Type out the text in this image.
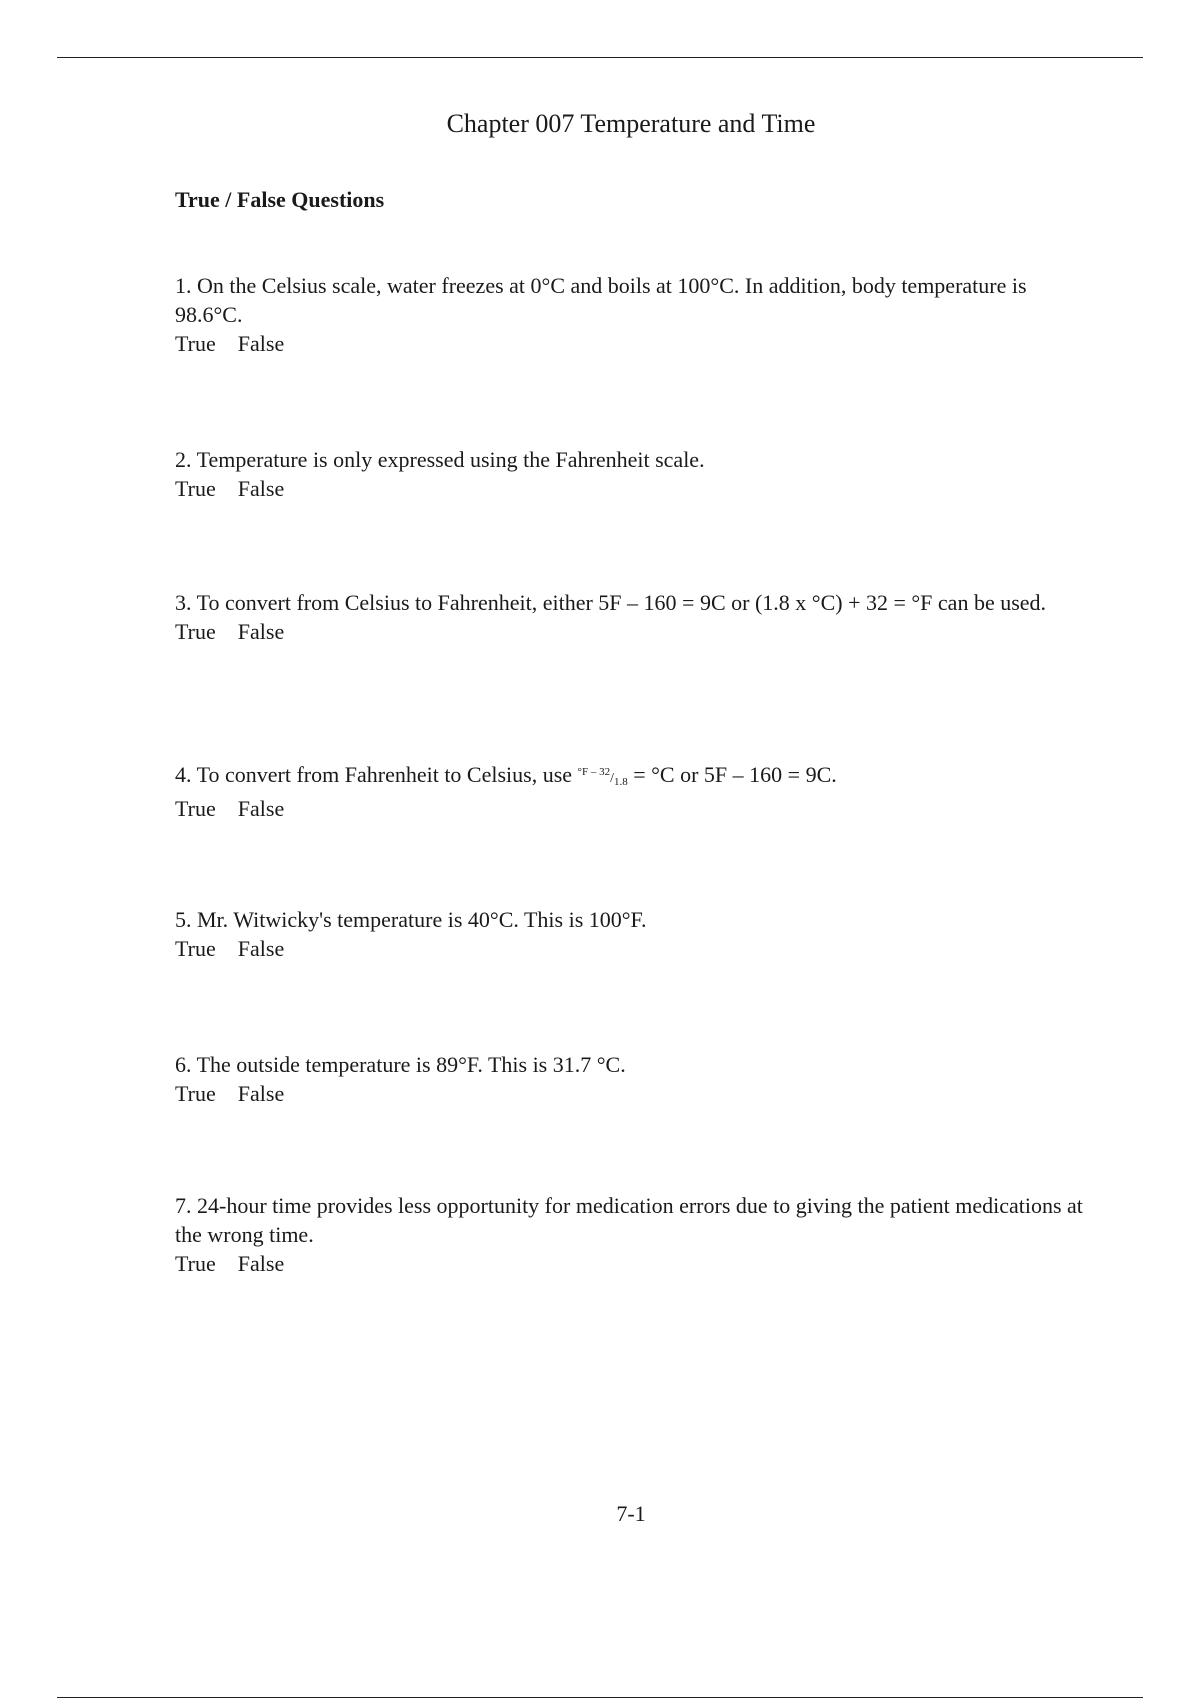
Chapter 007 Temperature and Time
True / False Questions
1. On the Celsius scale, water freezes at 0°C and boils at 100°C. In addition, body temperature is 98.6°C.
True False
2. Temperature is only expressed using the Fahrenheit scale.
True False
3. To convert from Celsius to Fahrenheit, either 5F – 160 = 9C or (1.8 x °C) + 32 = °F can be used.
True False
4. To convert from Fahrenheit to Celsius, use °F – 32/1.8 = °C or 5F – 160 = 9C.
True False
5. Mr. Witwicky's temperature is 40°C. This is 100°F.
True False
6. The outside temperature is 89°F. This is 31.7 °C.
True False
7. 24-hour time provides less opportunity for medication errors due to giving the patient medications at the wrong time.
True False
7-1
